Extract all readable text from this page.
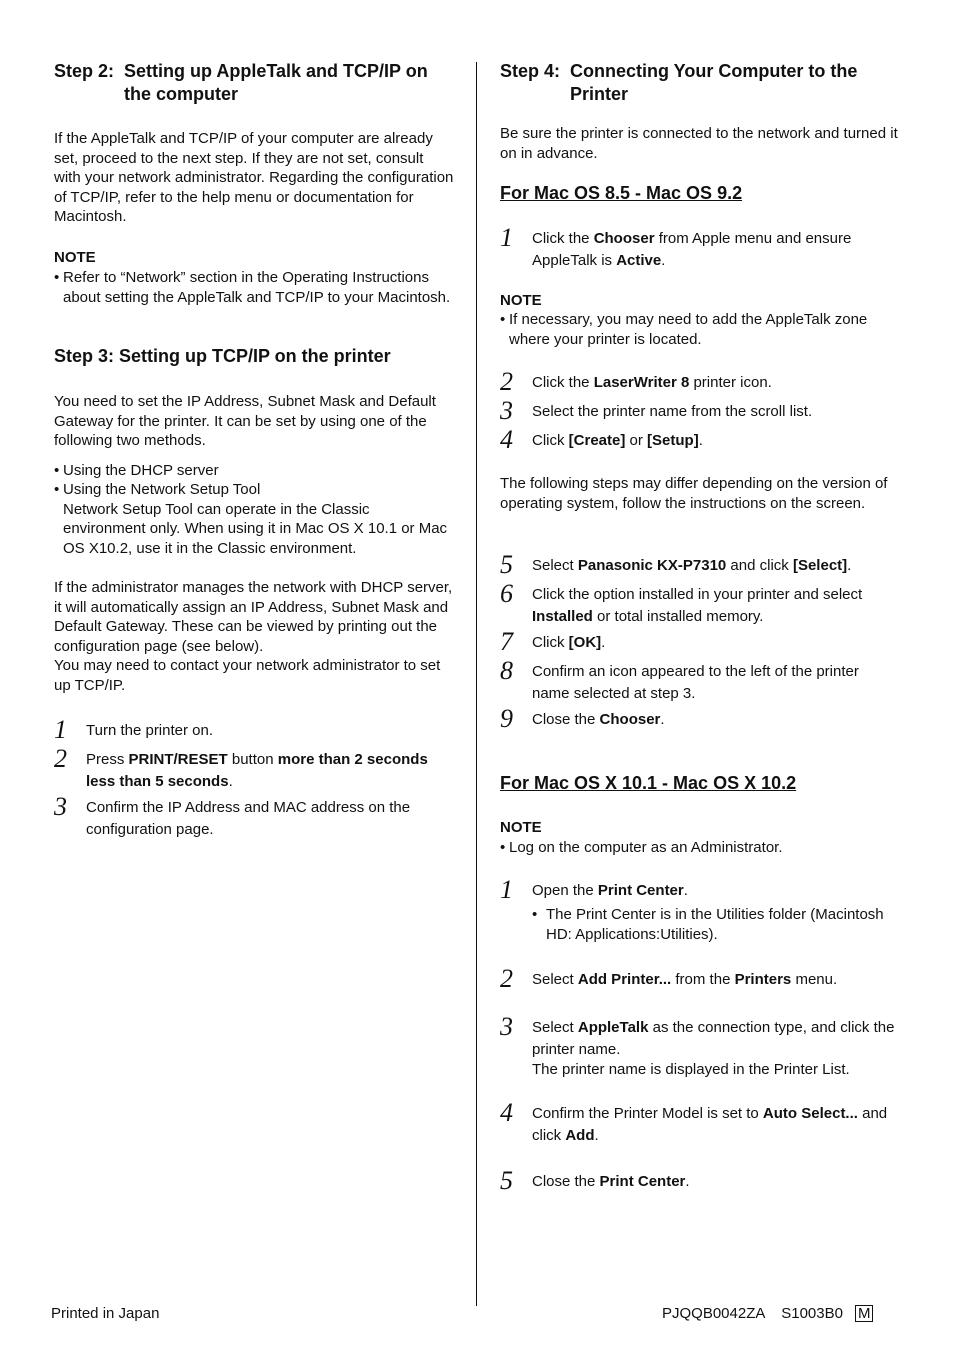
Step 2: Setting up AppleTalk and TCP/IP on the computer

If the AppleTalk and TCP/IP of your computer are already set, proceed to the next step. If they are not set, consult with your network administrator. Regarding the configuration of TCP/IP, refer to the help menu or documentation for Macintosh.

NOTE
• Refer to “Network” section in the Operating Instructions about setting the AppleTalk and TCP/IP to your Macintosh.
Step 3: Setting up TCP/IP on the printer

You need to set the IP Address, Subnet Mask and Default Gateway for the printer. It can be set by using one of the following two methods.

• Using the DHCP server
• Using the Network Setup Tool
Network Setup Tool can operate in the Classic environment only. When using it in Mac OS X 10.1 or Mac OS X10.2, use it in the Classic environment.

If the administrator manages the network with DHCP server, it will automatically assign an IP Address, Subnet Mask and Default Gateway. These can be viewed by printing out the configuration page (see below).
You may need to contact your network administrator to set up TCP/IP.

1	Turn the printer on.
2	Press PRINT/RESET button more than 2 seconds less than 5 seconds.
3	Confirm the IP Address and MAC address on the configuration page.
Step 4: Connecting Your Computer to the Printer

Be sure the printer is connected to the network and turned it on in advance.

For Mac OS 8.5 - Mac OS 9.2
1	Click the Chooser from Apple menu and ensure AppleTalk is Active.
NOTE
• If necessary, you may need to add the AppleTalk zone where your printer is located.
2	Click the LaserWriter 8 printer icon.
3	Select the printer name from the scroll list.
4	Click [Create] or [Setup].

The following steps may differ depending on the version of operating system, follow the instructions on the screen.

5	Select Panasonic KX-P7310 and click [Select].
6	Click the option installed in your printer and select Installed or total installed memory.
7	Click [OK].
8	Confirm an icon appeared to the left of the printer name selected at step 3.
9	Close the Chooser.
For Mac OS X 10.1 - Mac OS X 10.2
NOTE
• Log on the computer as an Administrator.
1	Open the Print Center.
• The Print Center is in the Utilities folder (Macintosh HD: Applications:Utilities).
2	Select Add Printer... from the Printers menu.
3	Select AppleTalk as the connection type, and click the printer name.

The printer name is displayed in the Printer List.

4	Confirm the Printer Model is set to Auto Select... and click Add.
5	Close the Print Center.
Printed in Japan	PJQQB0042ZA    S1003B0 M
